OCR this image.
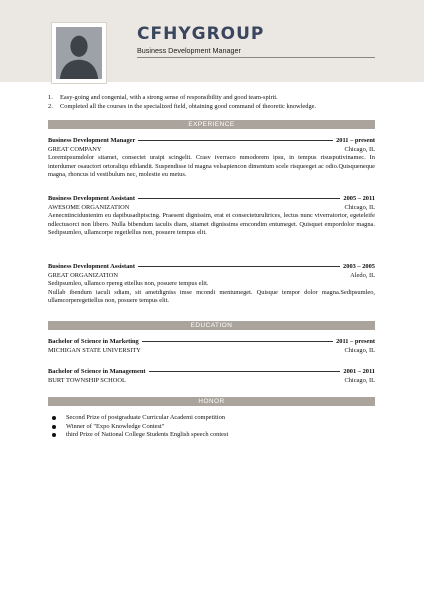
CFHYGROUP
Business Development Manager
1.	Easy-going and congenial, with a strong sense of responsibility and good team-spirit.
2.	Completed all the courses in the specialized field, obtaining good command of theoretic knowledge.
EXPERIENCE
Business Development Manager	2011 – present
GREAT COMPANY	Chicago, IL
Loremipsumdolor sitamet, consectet uraipi scingelit. Crasv iverraco mmodorem ipsu, in tempus risusputivinamec. In interdumer osauctort ortoraliqu etblandit. Suspendisse id magna velsapiencon dimentum scele risqueeget ac odio.Quisqueneque magna, rhoncus id vestibulum nec, molestie eu metus.
Business Development Assistant	2005 – 2011
AWESOME ORGANIZATION	Chicago, IL
Aenecntinciduntenim eu dapibusadipiscing. Praesent dignissim, erat et consecteturultrices, lectus nunc viverratortor, egeteleife ndlectusorci non libero. Nulla bibendum iaculis diam, sitamet dignissims emcondim entumeget. Quisquet empordolor magna. Sedipsumleo, ullamcorpe regetlellus non, posuere tempus elit.
Business Development Assistant	2003 – 2005
GREAT ORGANIZATION	Aledo, IL
Sedipsumleo, ullamco rpereg ettellus non, posuere tempus elit.
Nullab ibendum iaculi sdiam, sit ametdigniss imse mcondi mentumeget. Quisque tempor dolor magna.Sedipsumleo, ullamcorperegettellus non, posuere tempus elit.
EDUCATION
Bachelor of Science in Marketing	2011 – present
MICHIGAN STATE UNIVERSITY	Chicago, IL
Bachelor of Science in Management	2001 – 2011
BURT TOWNSHIP SCHOOL	Chicago, IL
HONOR
Second Prize of postgraduate Curricular Academi competition
Winner of "Expo Knowledge Contest"
third Prize of National College Students English speech contest
